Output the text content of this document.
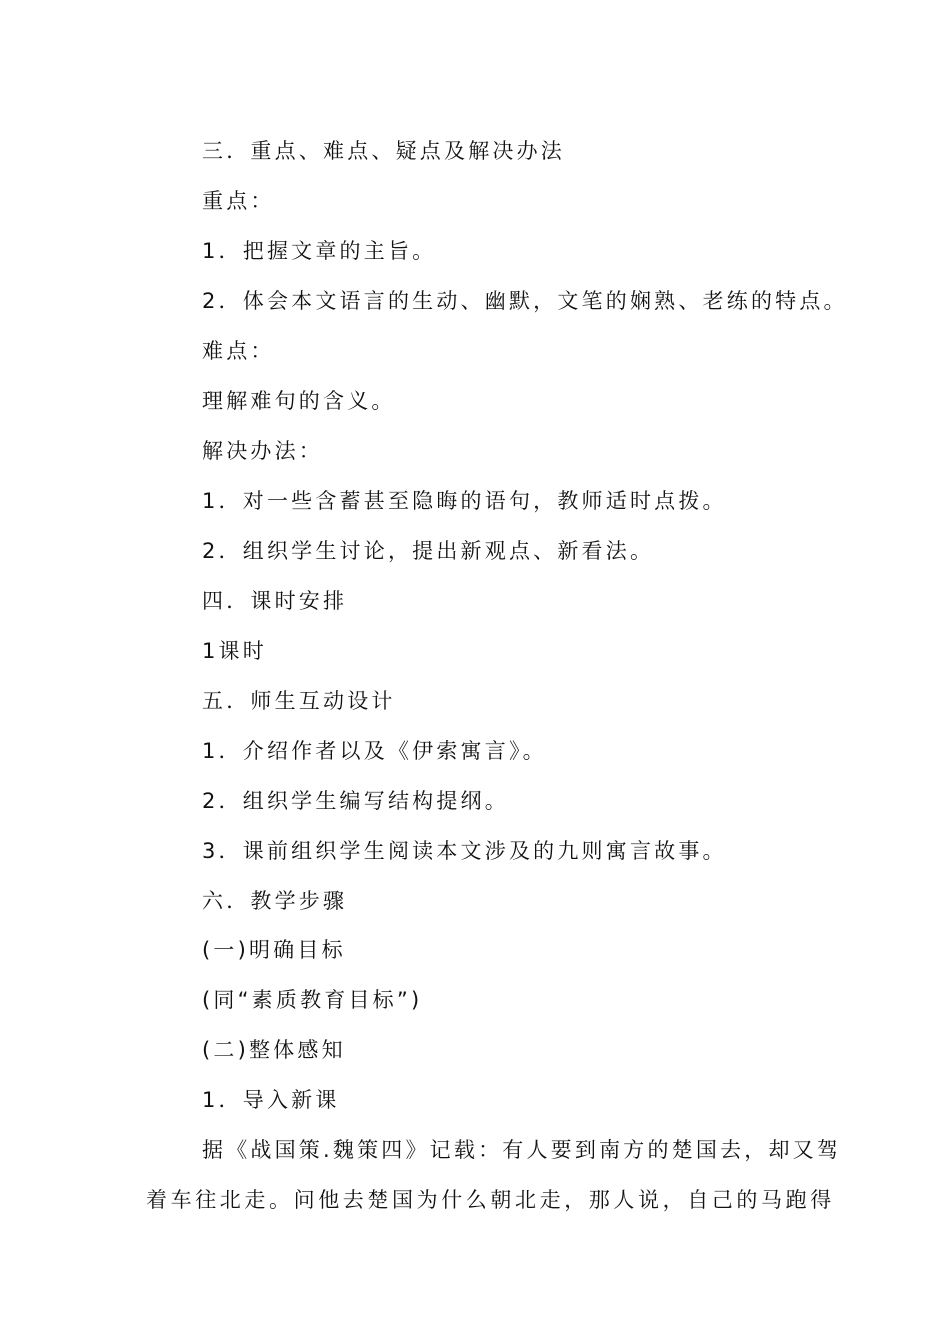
三．重点、难点、疑点及解决办法
重点：
1．把握文章的主旨。
2．体会本文语言的生动、幽默，文笔的娴熟、老练的特点。
难点：
理解难句的含义。
解决办法：
1．对一些含蓄甚至隐晦的语句，教师适时点拨。
2．组织学生讨论，提出新观点、新看法。
四．课时安排
1课时
五．师生互动设计
1．介绍作者以及《伊索寓言》。
2．组织学生编写结构提纲。
3．课前组织学生阅读本文涉及的九则寓言故事。
六．教学步骤
(一)明确目标
(同“素质教育目标”)
(二)整体感知
1．导入新课
据《战国策.魏策四》记载：有人要到南方的楚国去，却又驾
着车往北走。问他去楚国为什么朝北走，那人说，自己的马跑得
